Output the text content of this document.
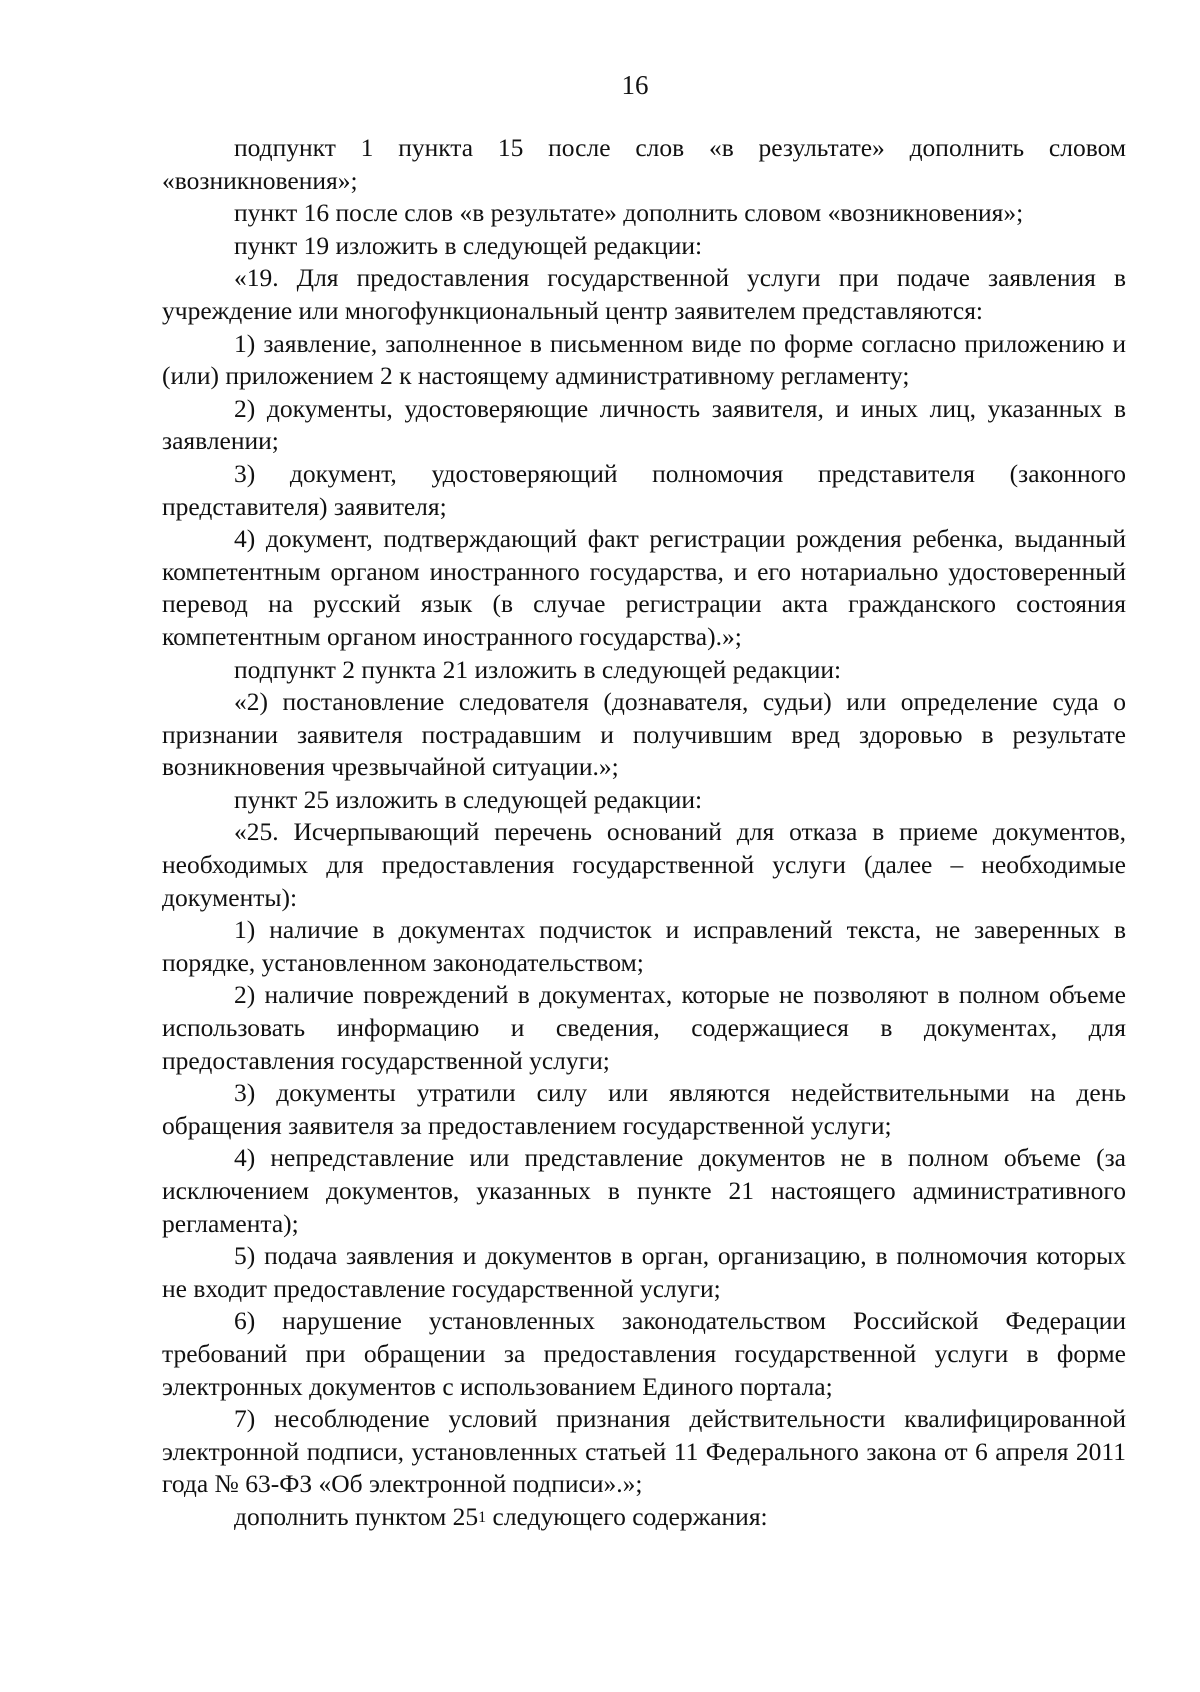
16

подпункт 1 пункта 15 после слов «в результате» дополнить словом «возникновения»;

пункт 16 после слов «в результате» дополнить словом «возникновения»;

пункт 19 изложить в следующей редакции:

«19. Для предоставления государственной услуги при подаче заявления в учреждение или многофункциональный центр заявителем представляются:

1) заявление, заполненное в письменном виде по форме согласно приложению и (или) приложением 2 к настоящему административному регламенту;

2) документы, удостоверяющие личность заявителя, и иных лиц, указанных в заявлении;

3) документ, удостоверяющий полномочия представителя (законного представителя) заявителя;

4) документ, подтверждающий факт регистрации рождения ребенка, выданный компетентным органом иностранного государства, и его нотариально удостоверенный перевод на русский язык (в случае регистрации акта гражданского состояния компетентным органом иностранного государства).»;

подпункт 2 пункта 21 изложить в следующей редакции:

«2) постановление следователя (дознавателя, судьи) или определение суда о признании заявителя пострадавшим и получившим вред здоровью в результате возникновения чрезвычайной ситуации.»;

пункт 25 изложить в следующей редакции:

«25. Исчерпывающий перечень оснований для отказа в приеме документов, необходимых для предоставления государственной услуги (далее – необходимые документы):

1) наличие в документах подчисток и исправлений текста, не заверенных в порядке, установленном законодательством;

2) наличие повреждений в документах, которые не позволяют в полном объеме использовать информацию и сведения, содержащиеся в документах, для предоставления государственной услуги;

3) документы утратили силу или являются недействительными на день обращения заявителя за предоставлением государственной услуги;

4) непредставление или представление документов не в полном объеме (за исключением документов, указанных в пункте 21 настоящего административного регламента);

5) подача заявления и документов в орган, организацию, в полномочия которых не входит предоставление государственной услуги;

6) нарушение установленных законодательством Российской Федерации требований при обращении за предоставления государственной услуги в форме электронных документов с использованием Единого портала;

7) несоблюдение условий признания действительности квалифицированной электронной подписи, установленных статьей 11 Федерального закона от 6 апреля 2011 года № 63-ФЗ «Об электронной подписи».»;

дополнить пунктом $25^1$ следующего содержания:
